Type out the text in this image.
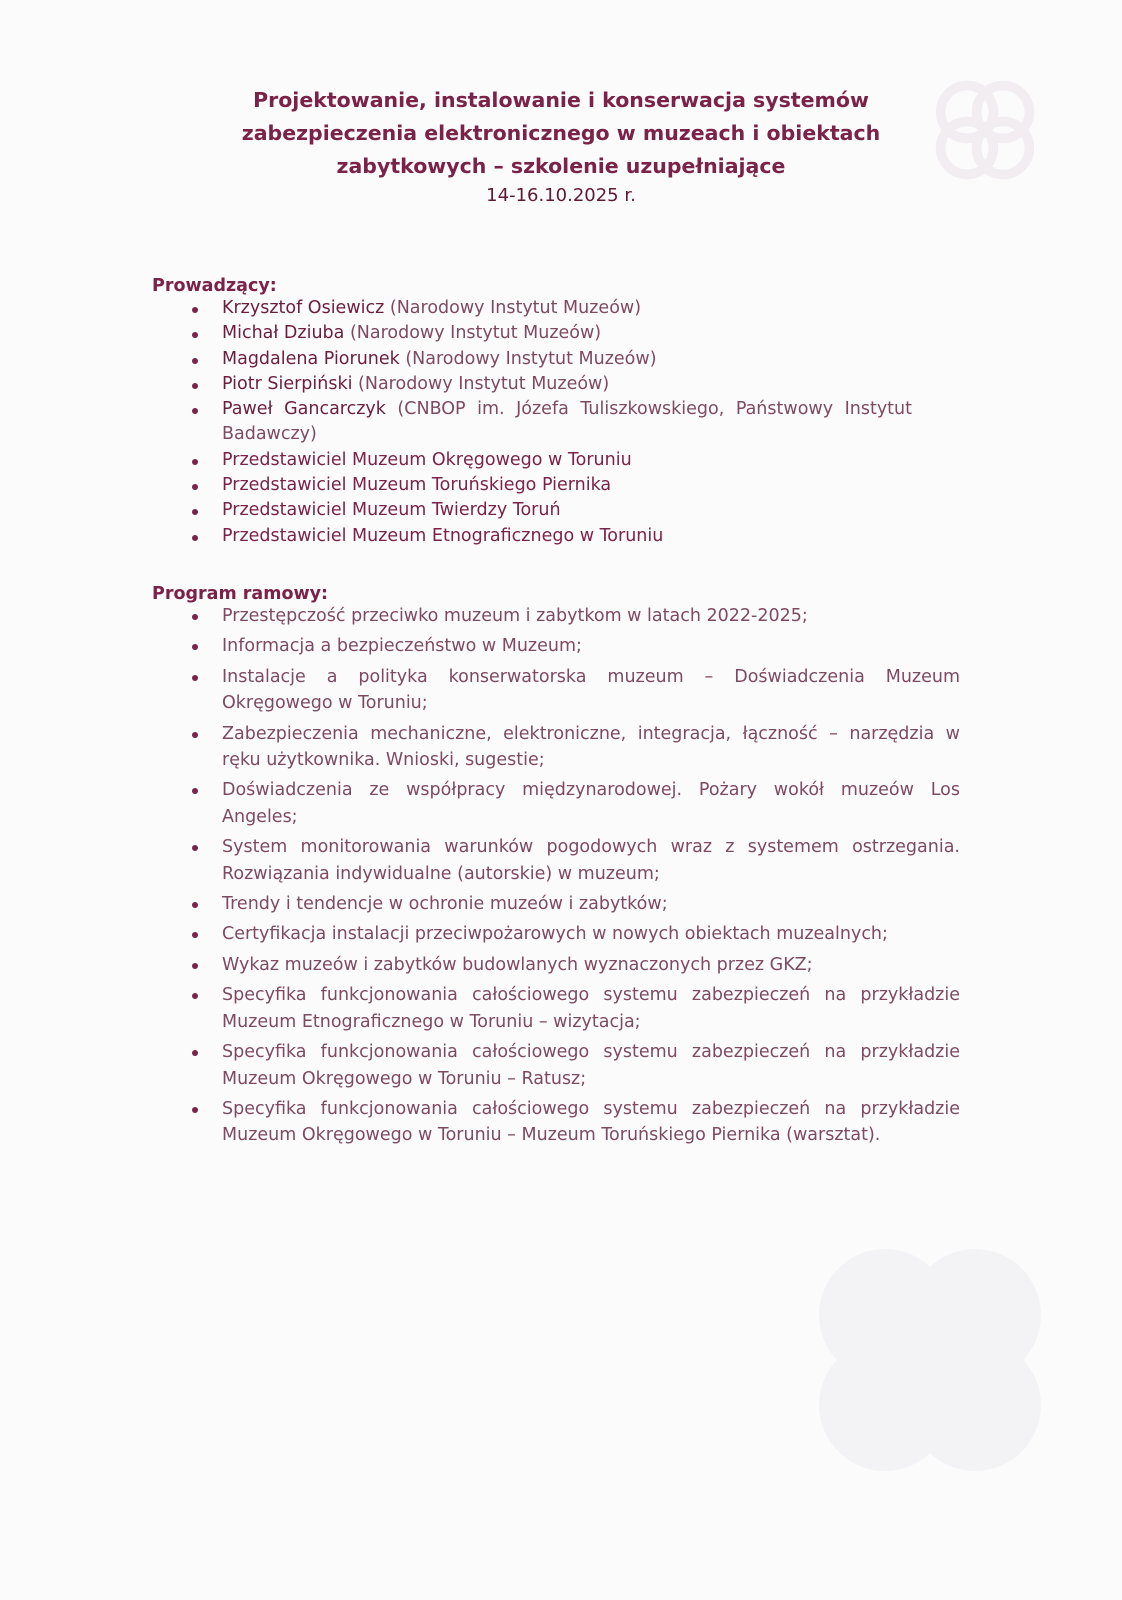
Projektowanie, instalowanie i konserwacja systemów
zabezpieczenia elektronicznego w muzeach i obiektach
zabytkowych – szkolenie uzupełniające
14-16.10.2025 r.
Prowadzący:
Krzysztof Osiewicz (Narodowy Instytut Muzeów)
Michał Dziuba (Narodowy Instytut Muzeów)
Magdalena Piorunek (Narodowy Instytut Muzeów)
Piotr Sierpiński (Narodowy Instytut Muzeów)
Paweł Gancarczyk (CNBOP im. Józefa Tuliszkowskiego, Państwowy Instytut Badawczy)
Przedstawiciel Muzeum Okręgowego w Toruniu
Przedstawiciel Muzeum Toruńskiego Piernika
Przedstawiciel Muzeum Twierdzy Toruń
Przedstawiciel Muzeum Etnograficznego w Toruniu
Program ramowy:
Przestępczość przeciwko muzeum i zabytkom w latach 2022-2025;
Informacja a bezpieczeństwo w Muzeum;
Instalacje a polityka konserwatorska muzeum – Doświadczenia Muzeum Okręgowego w Toruniu;
Zabezpieczenia mechaniczne, elektroniczne, integracja, łączność – narzędzia w ręku użytkownika. Wnioski, sugestie;
Doświadczenia ze współpracy międzynarodowej. Pożary wokół muzeów Los Angeles;
System monitorowania warunków pogodowych wraz z systemem ostrzegania. Rozwiązania indywidualne (autorskie) w muzeum;
Trendy i tendencje w ochronie muzeów i zabytków;
Certyfikacja instalacji przeciwpożarowych w nowych obiektach muzealnych;
Wykaz muzeów i zabytków budowlanych wyznaczonych przez GKZ;
Specyfika funkcjonowania całościowego systemu zabezpieczeń na przykładzie Muzeum Etnograficznego w Toruniu – wizytacja;
Specyfika funkcjonowania całościowego systemu zabezpieczeń na przykładzie Muzeum Okręgowego w Toruniu – Ratusz;
Specyfika funkcjonowania całościowego systemu zabezpieczeń na przykładzie Muzeum Okręgowego w Toruniu – Muzeum Toruńskiego Piernika (warsztat).
